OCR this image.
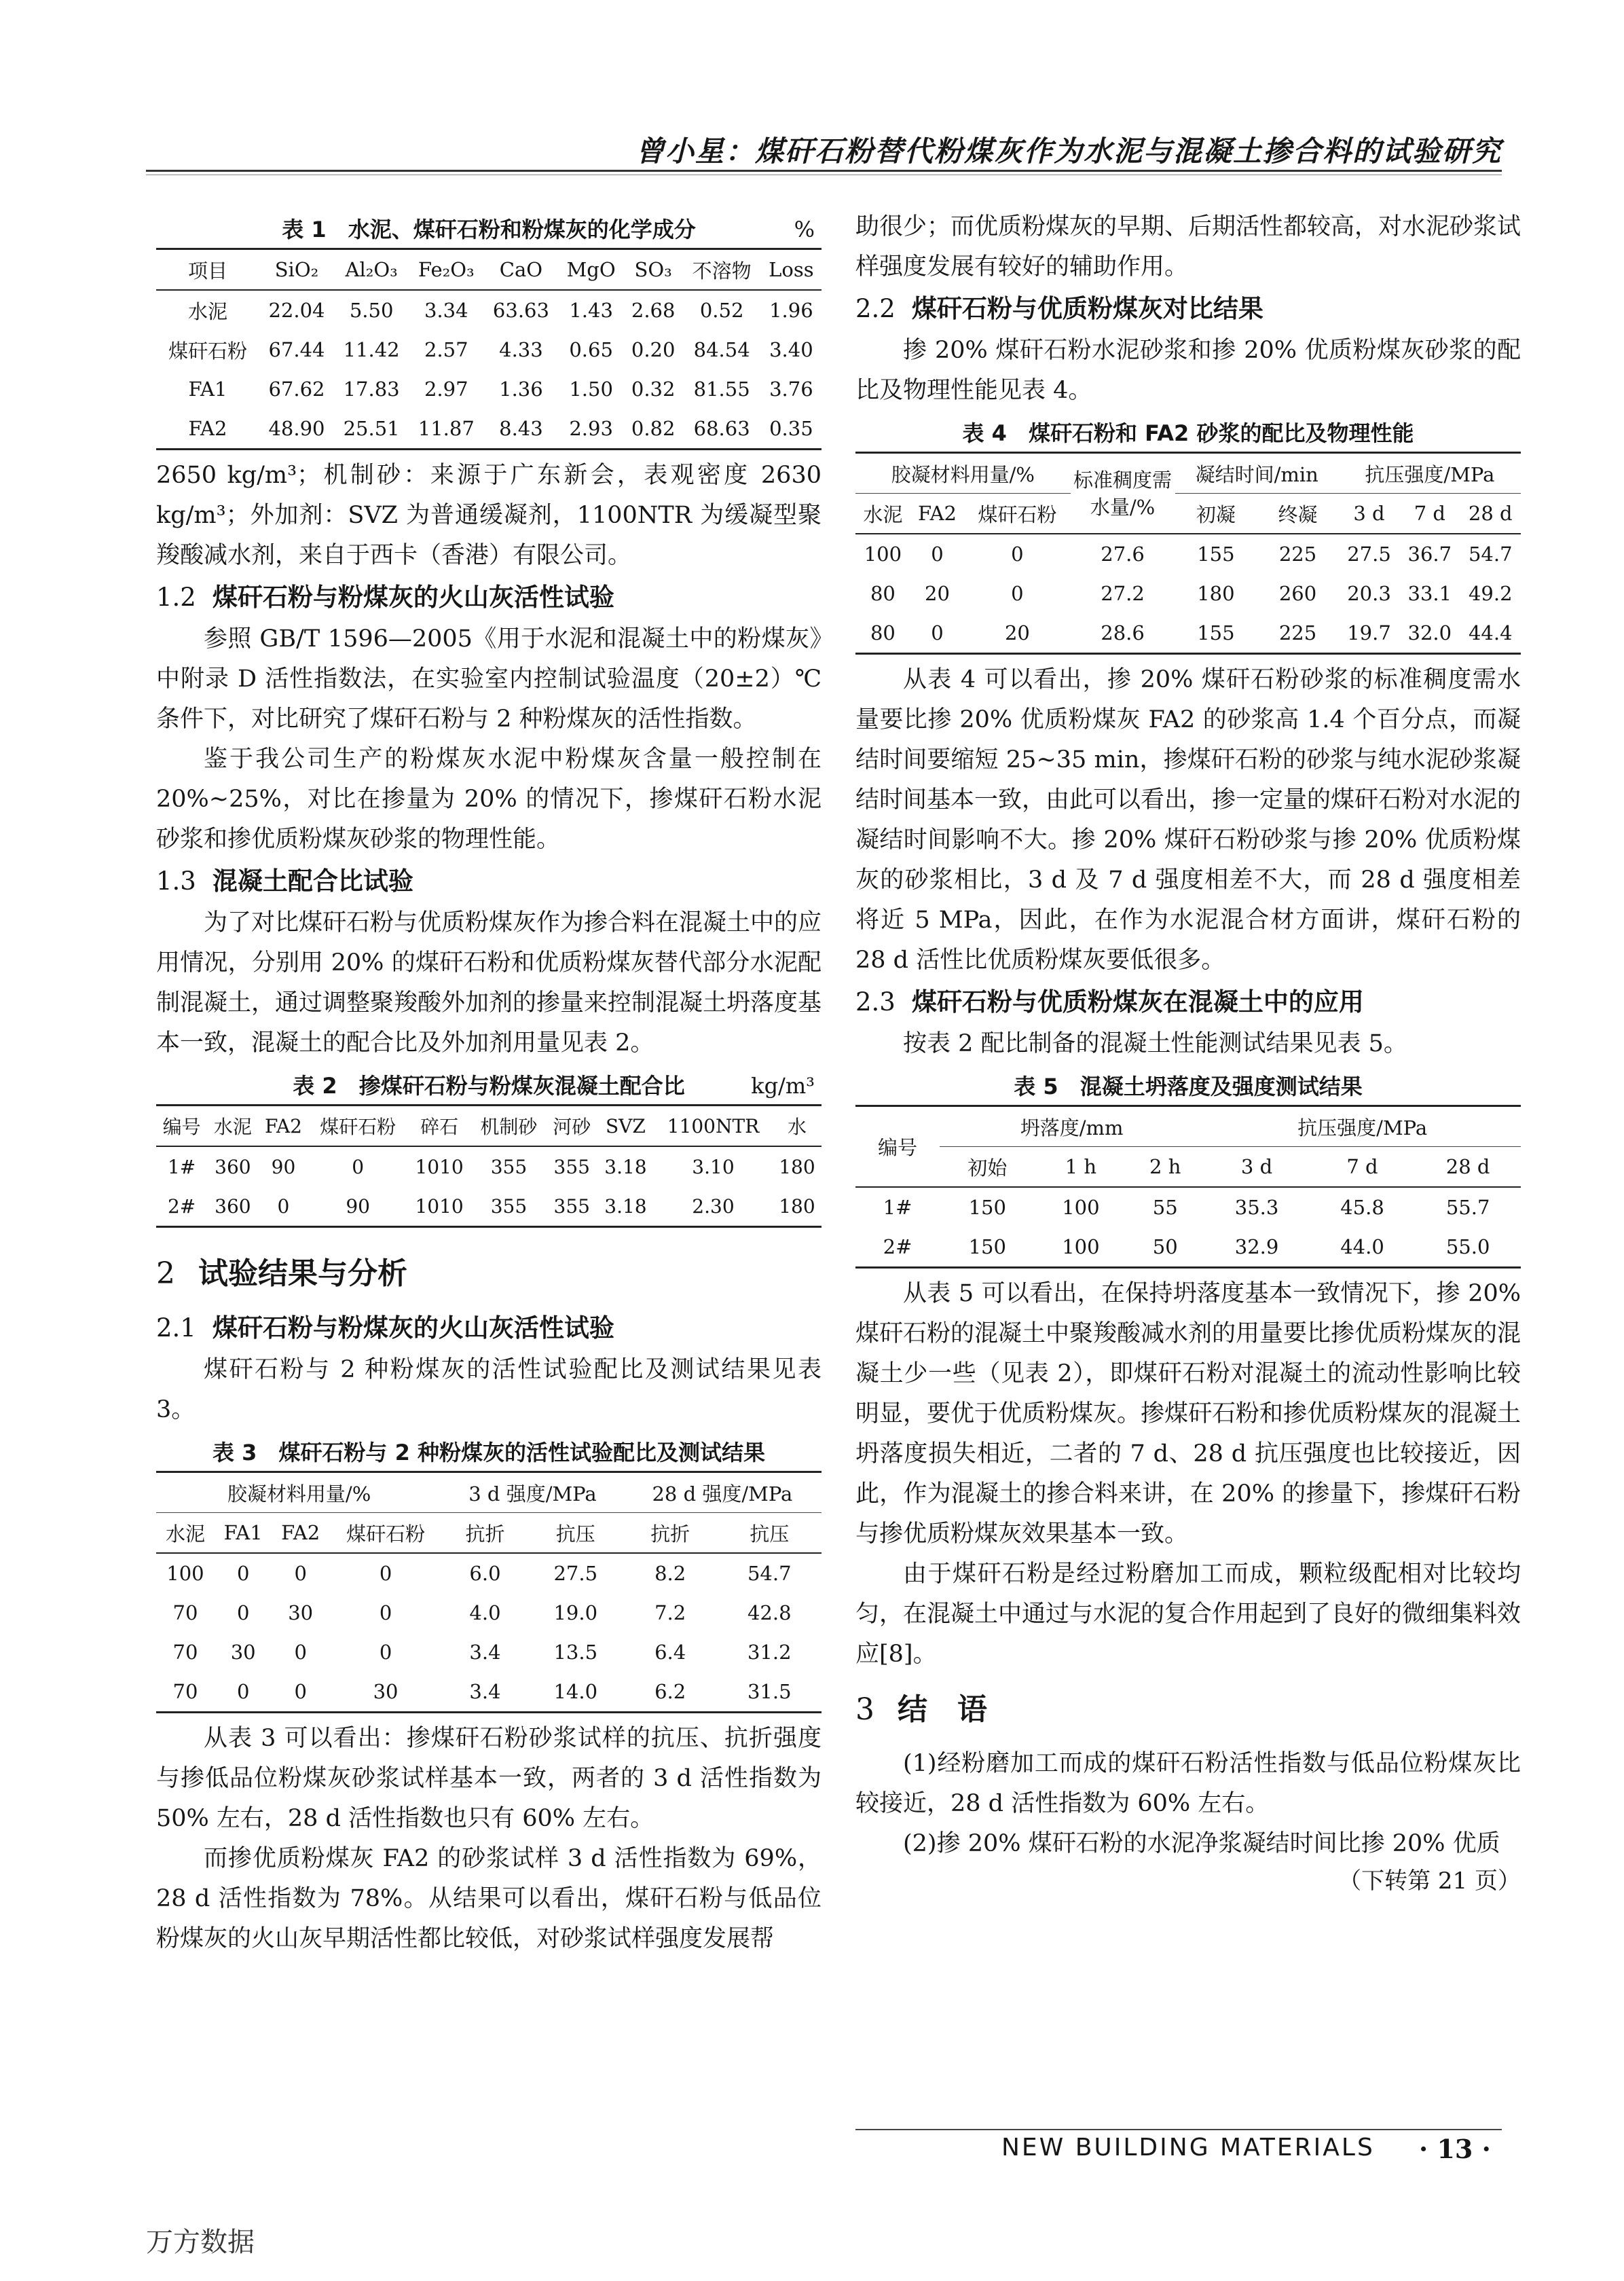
曾小星：煤矸石粉替代粉煤灰作为水泥与混凝土掺合料的试验研究
表 1　水泥、煤矸石粉和粉煤灰的化学成分	%
项目	SiO₂	Al₂O₃	Fe₂O₃	CaO	MgO	SO₃	不溶物	Loss
水泥	22.04	5.50	3.34	63.63	1.43	2.68	0.52	1.96
煤矸石粉	67.44	11.42	2.57	4.33	0.65	0.20	84.54	3.40
FA1	67.62	17.83	2.97	1.36	1.50	0.32	81.55	3.76
FA2	48.90	25.51	11.87	8.43	2.93	0.82	68.63	0.35

2650 kg/m³；机制砂：来源于广东新会，表观密度 2630 kg/m³；外加剂：SVZ 为普通缓凝剂，1100NTR 为缓凝型聚羧酸减水剂，来自于西卡（香港）有限公司。

1.2 煤矸石粉与粉煤灰的火山灰活性试验

参照 GB/T 1596—2005《用于水泥和混凝土中的粉煤灰》中附录 D 活性指数法，在实验室内控制试验温度（20±2）℃条件下，对比研究了煤矸石粉与 2 种粉煤灰的活性指数。

鉴于我公司生产的粉煤灰水泥中粉煤灰含量一般控制在 20%~25%，对比在掺量为 20% 的情况下，掺煤矸石粉水泥砂浆和掺优质粉煤灰砂浆的物理性能。

1.3 混凝土配合比试验

为了对比煤矸石粉与优质粉煤灰作为掺合料在混凝土中的应用情况，分别用 20% 的煤矸石粉和优质粉煤灰替代部分水泥配制混凝土，通过调整聚羧酸外加剂的掺量来控制混凝土坍落度基本一致，混凝土的配合比及外加剂用量见表 2。

表 2　掺煤矸石粉与粉煤灰混凝土配合比	kg/m³
编号	水泥	FA2	煤矸石粉	碎石	机制砂	河砂	SVZ	1100NTR	水
1#	360	90	0	1010	355	355	3.18	3.10	180
2#	360	0	90	1010	355	355	3.18	2.30	180
2 试验结果与分析
2.1 煤矸石粉与粉煤灰的火山灰活性试验

煤矸石粉与 2 种粉煤灰的活性试验配比及测试结果见表 3。

表 3　煤矸石粉与 2 种粉煤灰的活性试验配比及测试结果
胶凝材料用量/%				3 d 强度/MPa		28 d 强度/MPa	
水泥	FA1	FA2	煤矸石粉	抗折	抗压	抗折	抗压
100	0	0	0	6.0	27.5	8.2	54.7
70	0	30	0	4.0	19.0	7.2	42.8
70	30	0	0	3.4	13.5	6.4	31.2
70	0	0	30	3.4	14.0	6.2	31.5

从表 3 可以看出：掺煤矸石粉砂浆试样的抗压、抗折强度与掺低品位粉煤灰砂浆试样基本一致，两者的 3 d 活性指数为 50% 左右，28 d 活性指数也只有 60% 左右。

而掺优质粉煤灰 FA2 的砂浆试样 3 d 活性指数为 69%，28 d 活性指数为 78%。从结果可以看出，煤矸石粉与低品位粉煤灰的火山灰早期活性都比较低，对砂浆试样强度发展帮

助很少；而优质粉煤灰的早期、后期活性都较高，对水泥砂浆试样强度发展有较好的辅助作用。

2.2 煤矸石粉与优质粉煤灰对比结果

掺 20% 煤矸石粉水泥砂浆和掺 20% 优质粉煤灰砂浆的配比及物理性能见表 4。

表 4　煤矸石粉和 FA2 砂浆的配比及物理性能
胶凝材料用量/%			标准稠度需水量/%	凝结时间/min		抗压强度/MPa		
水泥	FA2	煤矸石粉		初凝	终凝	3 d	7 d	28 d
100	0	0	27.6	155	225	27.5	36.7	54.7
80	20	0	27.2	180	260	20.3	33.1	49.2
80	0	20	28.6	155	225	19.7	32.0	44.4

从表 4 可以看出，掺 20% 煤矸石粉砂浆的标准稠度需水量要比掺 20% 优质粉煤灰 FA2 的砂浆高 1.4 个百分点，而凝结时间要缩短 25~35 min，掺煤矸石粉的砂浆与纯水泥砂浆凝结时间基本一致，由此可以看出，掺一定量的煤矸石粉对水泥的凝结时间影响不大。掺 20% 煤矸石粉砂浆与掺 20% 优质粉煤灰的砂浆相比，3 d 及 7 d 强度相差不大，而 28 d 强度相差将近 5 MPa，因此，在作为水泥混合材方面讲，煤矸石粉的 28 d 活性比优质粉煤灰要低很多。

2.3 煤矸石粉与优质粉煤灰在混凝土中的应用

按表 2 配比制备的混凝土性能测试结果见表 5。

表 5　混凝土坍落度及强度测试结果
编号	坍落度/mm			抗压强度/MPa		
	初始	1 h	2 h	3 d	7 d	28 d
1#	150	100	55	35.3	45.8	55.7
2#	150	100	50	32.9	44.0	55.0

从表 5 可以看出，在保持坍落度基本一致情况下，掺 20% 煤矸石粉的混凝土中聚羧酸减水剂的用量要比掺优质粉煤灰的混凝土少一些（见表 2），即煤矸石粉对混凝土的流动性影响比较明显，要优于优质粉煤灰。掺煤矸石粉和掺优质粉煤灰的混凝土坍落度损失相近，二者的 7 d、28 d 抗压强度也比较接近，因此，作为混凝土的掺合料来讲，在 20% 的掺量下，掺煤矸石粉与掺优质粉煤灰效果基本一致。

由于煤矸石粉是经过粉磨加工而成，颗粒级配相对比较均匀，在混凝土中通过与水泥的复合作用起到了良好的微细集料效应[8]。

3 结　语

(1)经粉磨加工而成的煤矸石粉活性指数与低品位粉煤灰比较接近，28 d 活性指数为 60% 左右。

(2)掺 20% 煤矸石粉的水泥净浆凝结时间比掺 20% 优质

（下转第 21 页）
NEW BUILDING MATERIALS · 13 ·
万方数据
